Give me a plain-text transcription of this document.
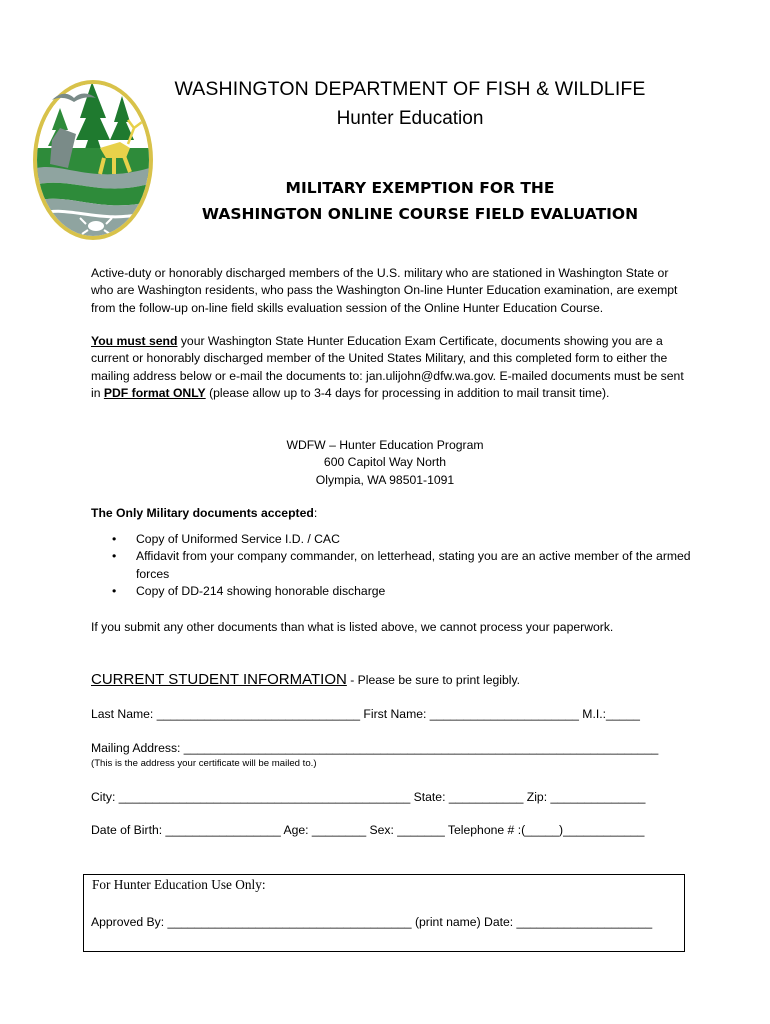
WASHINGTON DEPARTMENT OF FISH & WILDLIFE
Hunter Education
MILITARY EXEMPTION FOR THE
WASHINGTON ONLINE COURSE FIELD EVALUATION

Active-duty or honorably discharged members of the U.S. military who are stationed in Washington State or who are Washington residents, who pass the Washington On-line Hunter Education examination, are exempt from the follow-up on-line field skills evaluation session of the Online Hunter Education Course.

You must send your Washington State Hunter Education Exam Certificate, documents showing you are a current or honorably discharged member of the United States Military, and this completed form to either the mailing address below or e-mail the documents to: jan.ulijohn@dfw.wa.gov. E-mailed documents must be sent in PDF format ONLY (please allow up to 3-4 days for processing in addition to mail transit time).

WDFW – Hunter Education Program
600 Capitol Way North
Olympia, WA 98501-1091
The Only Military documents accepted:
• Copy of Uniformed Service I.D. / CAC
• Affidavit from your company commander, on letterhead, stating you are an active member of the armed forces
• Copy of DD-214 showing honorable discharge
If you submit any other documents than what is listed above, we cannot process your paperwork.
CURRENT STUDENT INFORMATION - Please be sure to print legibly.
Last Name: ______________________________ First Name: ______________________ M.I.:_____
Mailing Address: ______________________________________________________________________
(This is the address your certificate will be mailed to.)
City: ___________________________________________ State: ___________ Zip: ______________
Date of Birth: _________________ Age: ________ Sex: _______ Telephone # :(_____)____________
For Hunter Education Use Only:
Approved By: ____________________________________ (print name) Date: ____________________
